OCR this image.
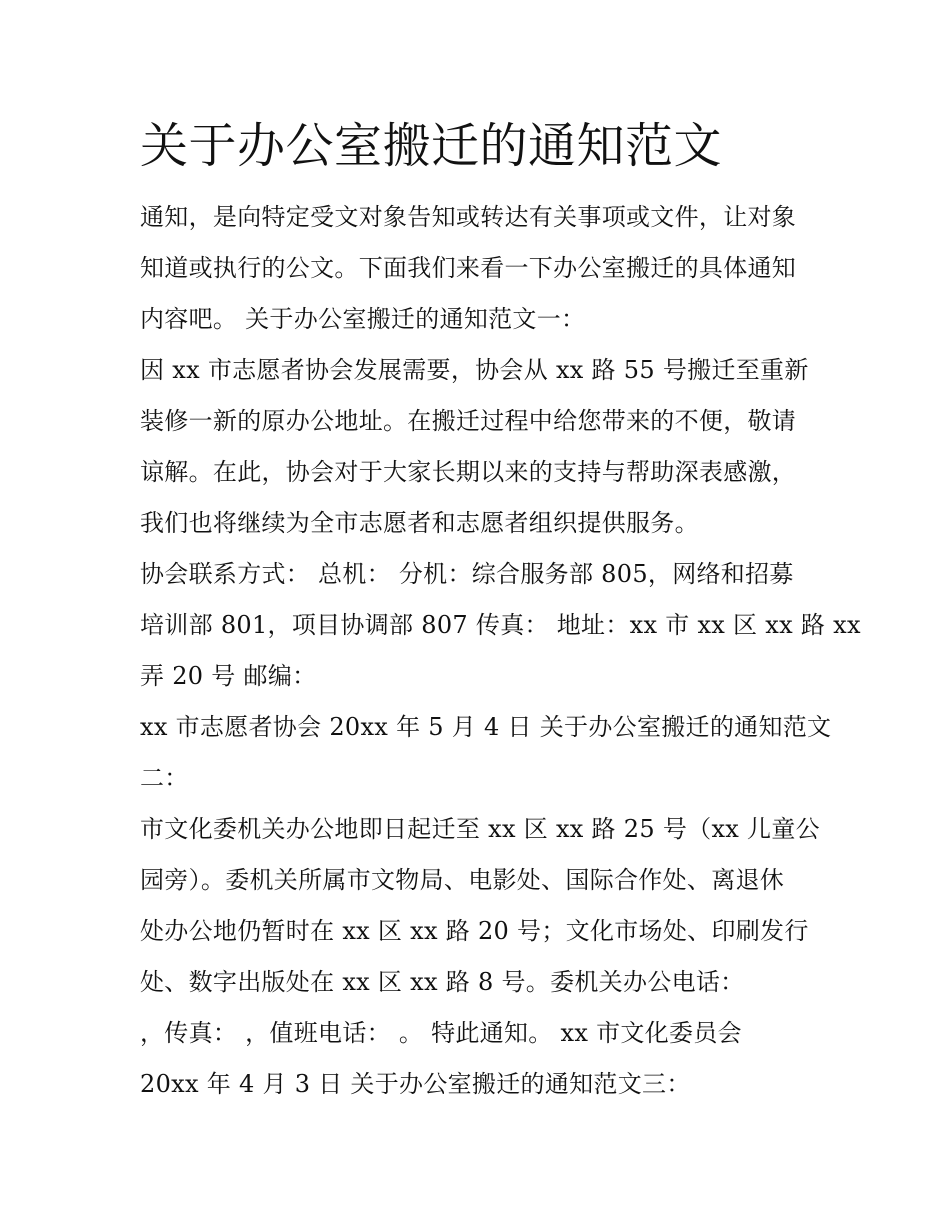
关于办公室搬迁的通知范文

通知，是向特定受文对象告知或转达有关事项或文件，让对象

知道或执行的公文。下面我们来看一下办公室搬迁的具体通知

内容吧。 关于办公室搬迁的通知范文一：

因 xx 市志愿者协会发展需要，协会从 xx 路 55 号搬迁至重新

装修一新的原办公地址。在搬迁过程中给您带来的不便，敬请

谅解。在此，协会对于大家长期以来的支持与帮助深表感激，

我们也将继续为全市志愿者和志愿者组织提供服务。

协会联系方式： 总机： 分机：综合服务部 805，网络和招募

培训部 801，项目协调部 807 传真： 地址：xx 市 xx 区 xx 路 xx

弄 20 号 邮编：

xx 市志愿者协会 20xx 年 5 月 4 日 关于办公室搬迁的通知范文

二：

市文化委机关办公地即日起迁至 xx 区 xx 路 25 号（xx 儿童公

园旁）。委机关所属市文物局、电影处、国际合作处、离退休

处办公地仍暂时在 xx 区 xx 路 20 号；文化市场处、印刷发行

处、数字出版处在 xx 区 xx 路 8 号。委机关办公电话：

，传真： ，值班电话： 。 特此通知。 xx 市文化委员会

20xx 年 4 月 3 日 关于办公室搬迁的通知范文三：
